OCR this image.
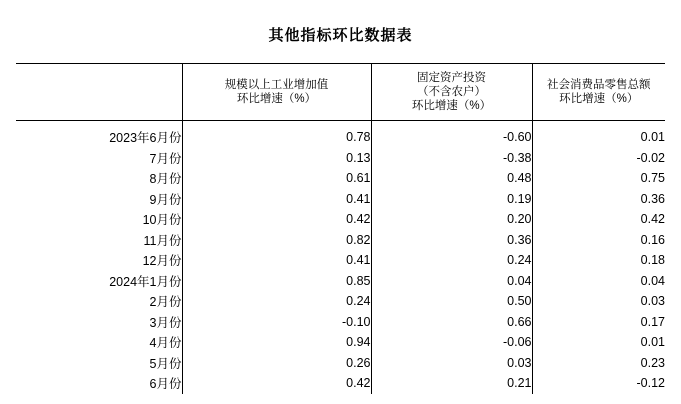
其他指标环比数据表

规模以上工业增加值
环比增速（%）

固定资产投资
（不含农户）
环比增速（%）

社会消费品零售总额
环比增速（%）

2023年6月份	0.78	-0.60	0.01
7月份	0.13	-0.38	-0.02
8月份	0.61	0.48	0.75
9月份	0.41	0.19	0.36
10月份	0.42	0.20	0.42
11月份	0.82	0.36	0.16
12月份	0.41	0.24	0.18
2024年1月份	0.85	0.04	0.04
2月份	0.24	0.50	0.03
3月份	-0.10	0.66	0.17
4月份	0.94	-0.06	0.01
5月份	0.26	0.03	0.23
6月份	0.42	0.21	-0.12
